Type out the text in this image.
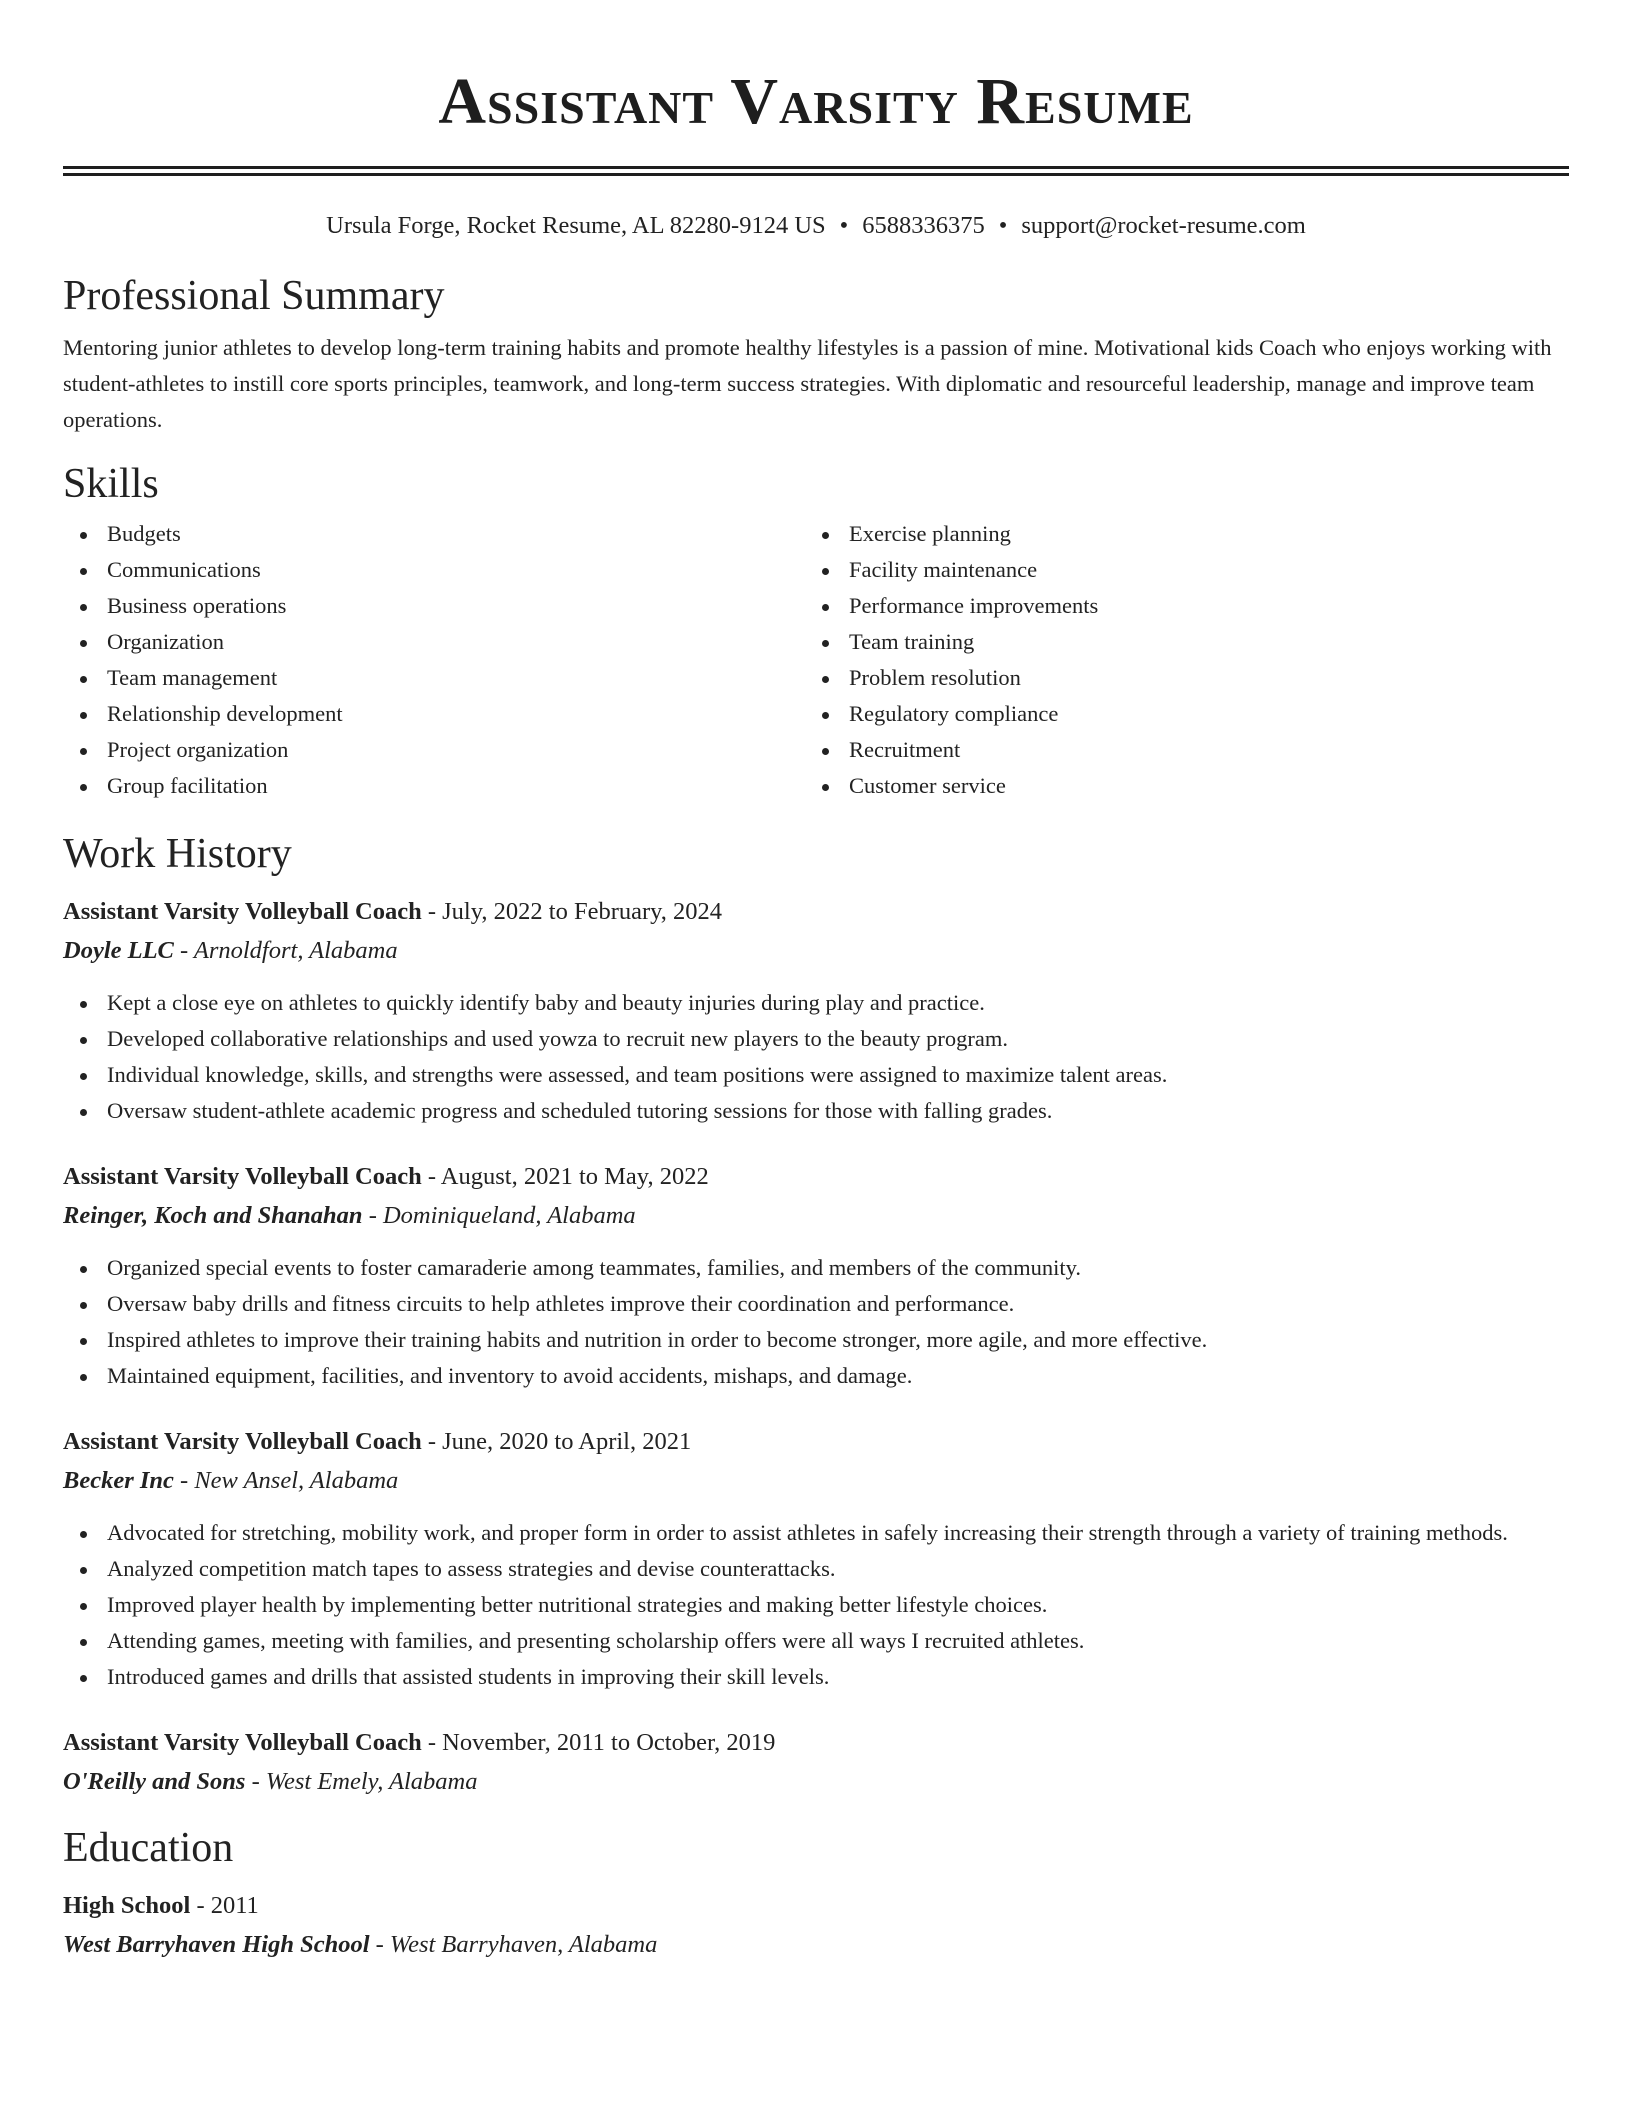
Assistant Varsity Resume
Ursula Forge, Rocket Resume, AL 82280-9124 US • 6588336375 • support@rocket-resume.com
Professional Summary

Mentoring junior athletes to develop long-term training habits and promote healthy lifestyles is a passion of mine. Motivational kids Coach who enjoys working with student-athletes to instill core sports principles, teamwork, and long-term success strategies. With diplomatic and resourceful leadership, manage and improve team operations.

Skills
Budgets
Communications
Business operations
Organization
Team management
Relationship development
Project organization
Group facilitation
Exercise planning
Facility maintenance
Performance improvements
Team training
Problem resolution
Regulatory compliance
Recruitment
Customer service
Work History

Assistant Varsity Volleyball Coach - July, 2022 to February, 2024

Doyle LLC - Arnoldfort, Alabama

Kept a close eye on athletes to quickly identify baby and beauty injuries during play and practice.
Developed collaborative relationships and used yowza to recruit new players to the beauty program.
Individual knowledge, skills, and strengths were assessed, and team positions were assigned to maximize talent areas.
Oversaw student-athlete academic progress and scheduled tutoring sessions for those with falling grades.

Assistant Varsity Volleyball Coach - August, 2021 to May, 2022

Reinger, Koch and Shanahan - Dominiqueland, Alabama

Organized special events to foster camaraderie among teammates, families, and members of the community.
Oversaw baby drills and fitness circuits to help athletes improve their coordination and performance.
Inspired athletes to improve their training habits and nutrition in order to become stronger, more agile, and more effective.
Maintained equipment, facilities, and inventory to avoid accidents, mishaps, and damage.

Assistant Varsity Volleyball Coach - June, 2020 to April, 2021

Becker Inc - New Ansel, Alabama

Advocated for stretching, mobility work, and proper form in order to assist athletes in safely increasing their strength through a variety of training methods.
Analyzed competition match tapes to assess strategies and devise counterattacks.
Improved player health by implementing better nutritional strategies and making better lifestyle choices.
Attending games, meeting with families, and presenting scholarship offers were all ways I recruited athletes.
Introduced games and drills that assisted students in improving their skill levels.

Assistant Varsity Volleyball Coach - November, 2011 to October, 2019

O'Reilly and Sons - West Emely, Alabama

Education

High School - 2011

West Barryhaven High School - West Barryhaven, Alabama
